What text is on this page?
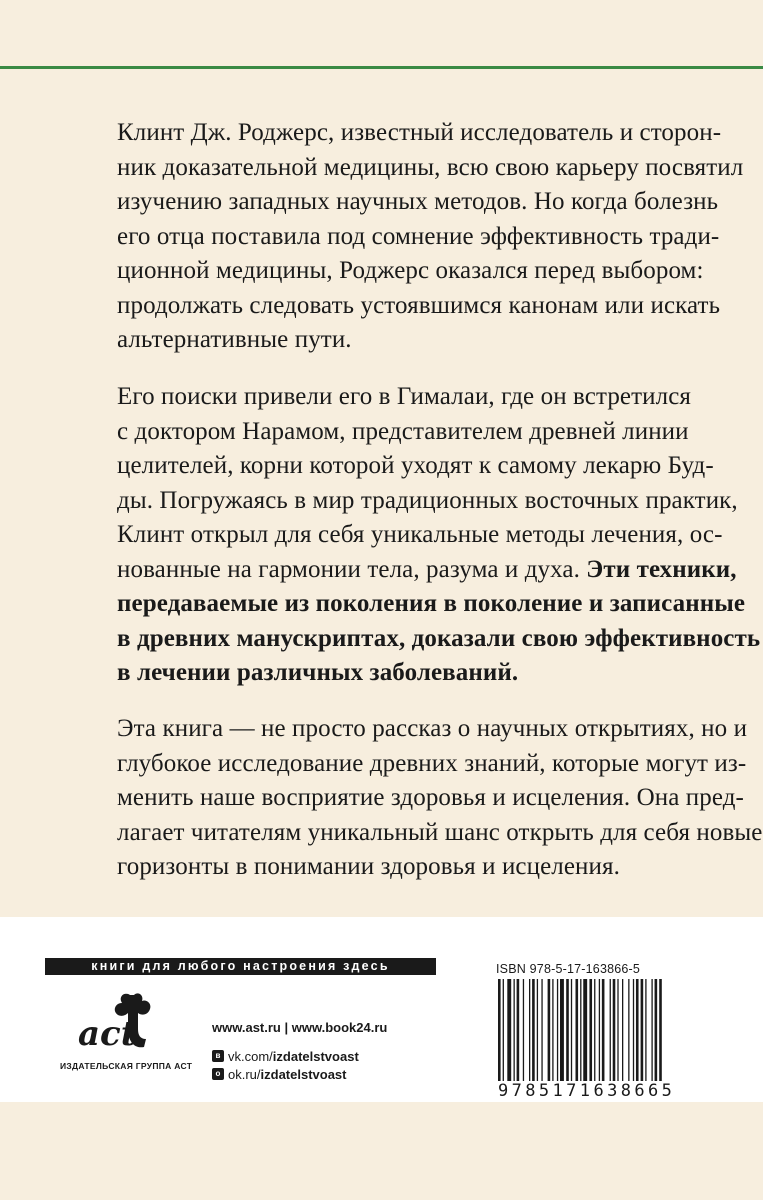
Клинт Дж. Роджерс, известный исследователь и сторон-
ник доказательной медицины, всю свою карьеру посвятил
изучению западных научных методов. Но когда болезнь
его отца поставила под сомнение эффективность тради-
ционной медицины, Роджерс оказался перед выбором:
продолжать следовать устоявшимся канонам или искать
альтернативные пути.
Его поиски привели его в Гималаи, где он встретился
с доктором Нарамом, представителем древней линии
целителей, корни которой уходят к самому лекарю Буд-
ды. Погружаясь в мир традиционных восточных практик,
Клинт открыл для себя уникальные методы лечения, ос-
нованные на гармонии тела, разума и духа. Эти техники,
передаваемые из поколения в поколение и записанные
в древних манускриптах, доказали свою эффективность
в лечении различных заболеваний.
Эта книга — не просто рассказ о научных открытиях, но и
глубокое исследование древних знаний, которые могут из-
менить наше восприятие здоровья и исцеления. Она пред-
лагает читателям уникальный шанс открыть для себя новые
горизонты в понимании здоровья и исцеления.
книги для любого настроения здесь
act
ИЗДАТЕЛЬСКАЯ ГРУППА АСТ
www.ast.ru | www.book24.ru
в vk.com/ izdatelstvoast
о ok.ru/ izdatelstvoast
ISBN 978-5-17-163866-5
9785171638665
